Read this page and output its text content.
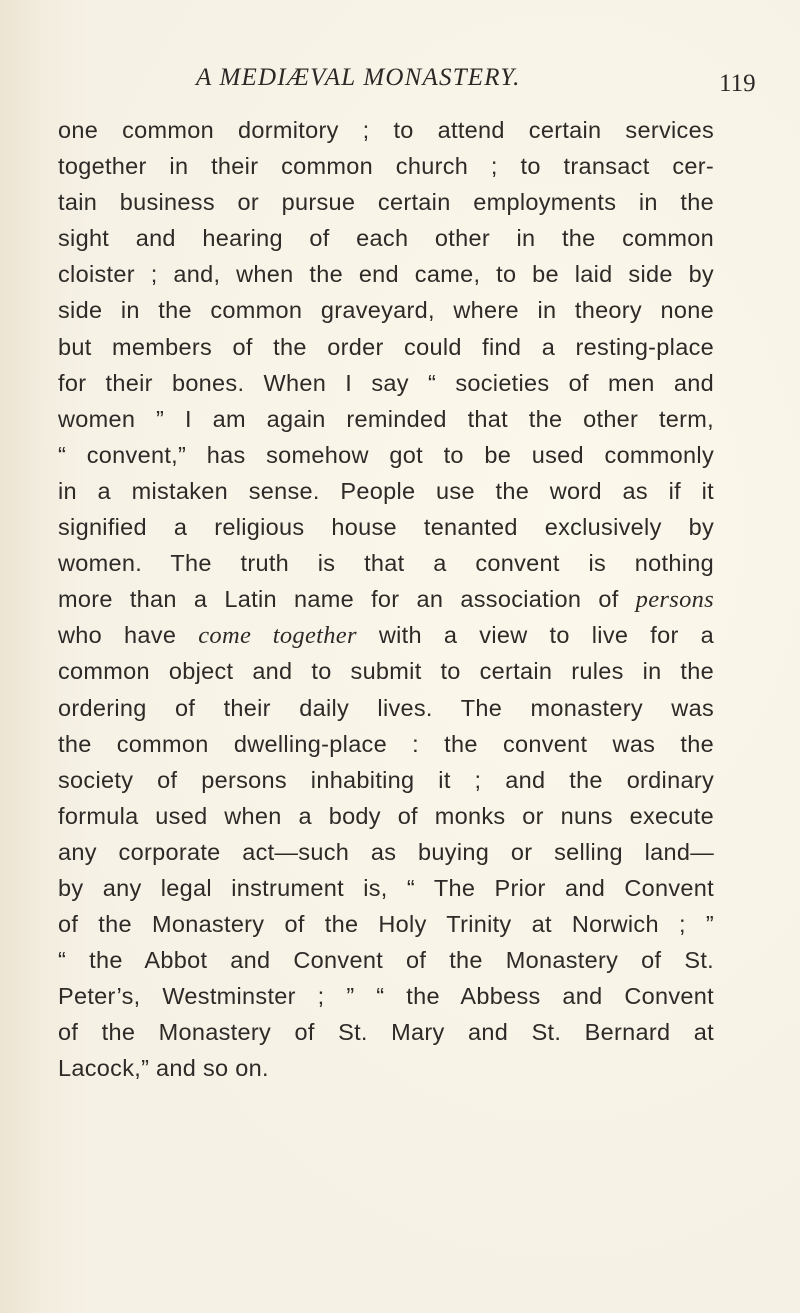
A MEDIÆVAL MONASTERY.	119
one common dormitory ; to attend certain services
together in their common church ; to transact cer-
tain business or pursue certain employments in the
sight and hearing of each other in the common
cloister ; and, when the end came, to be laid side by
side in the common graveyard, where in theory none
but members of the order could find a resting-place
for their bones. When I say “ societies of men and
women ” I am again reminded that the other term,
“ convent,” has somehow got to be used commonly
in a mistaken sense. People use the word as if it
signified a religious house tenanted exclusively by
women. The truth is that a convent is nothing
more than a Latin name for an association of persons
who have come together with a view to live for a
common object and to submit to certain rules in the
ordering of their daily lives. The monastery was
the common dwelling-place : the convent was the
society of persons inhabiting it ; and the ordinary
formula used when a body of monks or nuns execute
any corporate act—such as buying or selling land—
by any legal instrument is, “ The Prior and Convent
of the Monastery of the Holy Trinity at Norwich ; ”
“ the Abbot and Convent of the Monastery of St.
Peter’s, Westminster ; ” “ the Abbess and Convent
of the Monastery of St. Mary and St. Bernard at
Lacock,” and so on.
